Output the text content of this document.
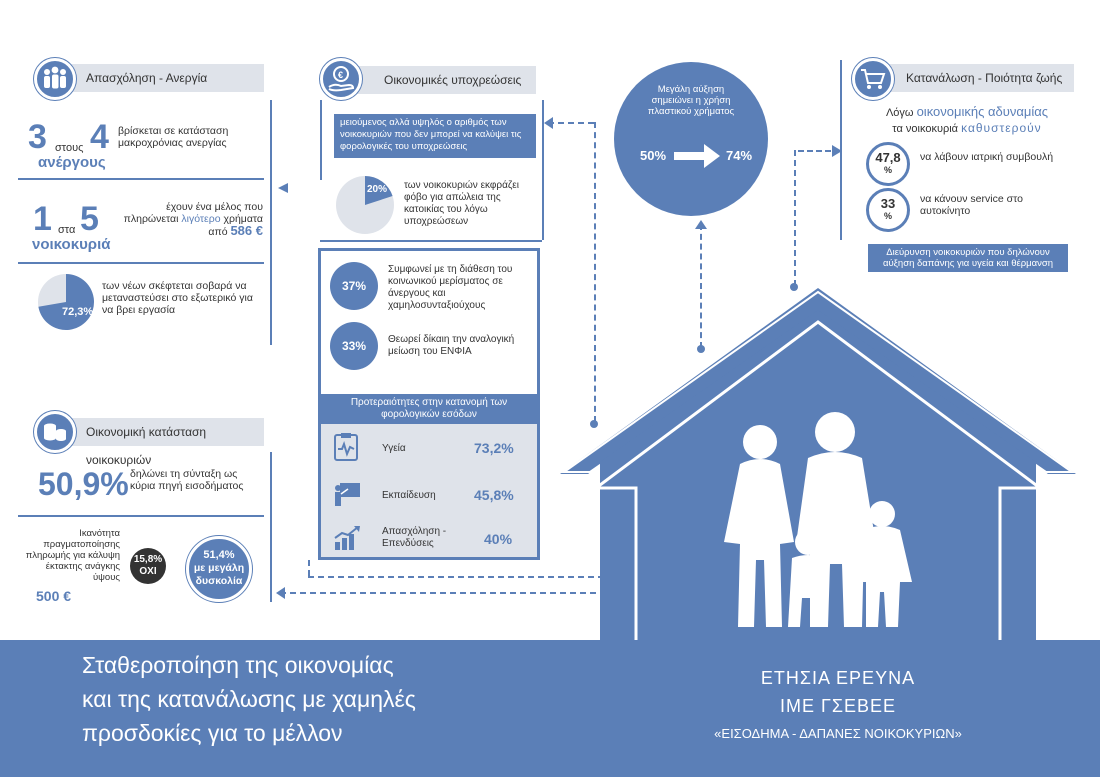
Απασχόληση - Ανεργία
3 στους 4
ανέργους
βρίσκεται σε κατάσταση μακροχρόνιας ανεργίας
1 στα 5
νοικοκυριά
έχουν ένα μέλος που πληρώνεται λιγότερο χρήματα από 586 €
72,3%
των νέων σκέφτεται σοβαρά να μεταναστεύσει στο εξωτερικό για να βρει εργασία
Οικονομική κατάσταση νοικοκυριών
50,9% δηλώνει τη σύνταξη ως κύρια πηγή εισοδήματος
Ικανότητα πραγματοποίησης πληρωμής για κάλυψη έκτακτης ανάγκης ύψους
500 €
15,8%
ΟΧΙ
51,4%
με μεγάλη δυσκολία
Οικονομικές υποχρεώσεις
€
μειούμενος αλλά υψηλός ο αριθμός των νοικοκυριών που δεν μπορεί να καλύψει τις φορολογικές του υποχρεώσεις
20% των νοικοκυριών εκφράζει φόβο για απώλεια της κατοικίας του λόγω υποχρεώσεων
37%
Συμφωνεί με τη διάθεση του κοινωνικού μερίσματος σε άνεργους και χαμηλοσυνταξιούχους
33%	Θεωρεί δίκαιη την αναλογική μείωση του ΕΝΦΙΑ
Προτεραιότητες στην κατανομή των φορολογικών εσόδων
Υγεία	73,2%
Εκπαίδευση	45,8%
Απασχόληση - Επενδύσεις	40%
Μεγάλη αύξηση σημειώνει η χρήση πλαστικού χρήματος
50%	74%
Κατανάλωση - Ποιότητα ζωής
Λόγω οικονομικής αδυναμίας
τα νοικοκυριά καθυστερούν
47,8
%
να λάβουν ιατρική συμβουλή
33
%
να κάνουν service στο αυτοκίνητο
Διεύρυνση νοικοκυριών που δηλώνουν αύξηση δαπάνης για υγεία και θέρμανση
Σταθεροποίηση της οικονομίας
και της κατανάλωσης με χαμηλές
προσδοκίες για το μέλλον
ΕΤΗΣΙΑ ΕΡΕΥΝΑ
ΙΜΕ ΓΣΕΒΕΕ
«ΕΙΣΟΔΗΜΑ - ΔΑΠΑΝΕΣ ΝΟΙΚΟΚΥΡΙΩΝ»
